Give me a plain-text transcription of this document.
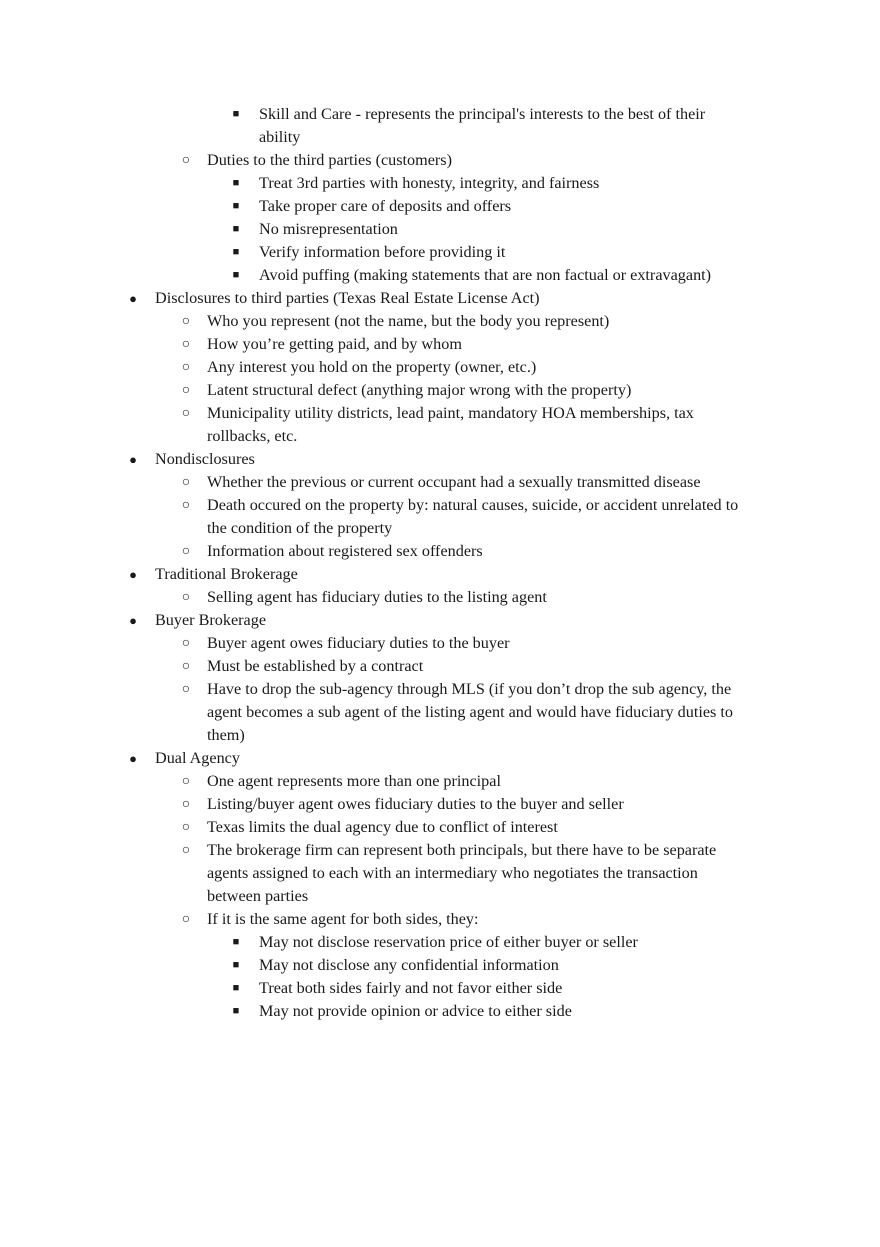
■ Skill and Care - represents the principal's interests to the best of their
ability
○ Duties to the third parties (customers)
■ Treat 3rd parties with honesty, integrity, and fairness
■ Take proper care of deposits and offers
■ No misrepresentation
■ Verify information before providing it
■ Avoid puffing (making statements that are non factual or extravagant)
● Disclosures to third parties (Texas Real Estate License Act)
○ Who you represent (not the name, but the body you represent)
○ How you’re getting paid, and by whom
○ Any interest you hold on the property (owner, etc.)
○ Latent structural defect (anything major wrong with the property)
○ Municipality utility districts, lead paint, mandatory HOA memberships, tax
rollbacks, etc.
● Nondisclosures
○ Whether the previous or current occupant had a sexually transmitted disease
○ Death occured on the property by: natural causes, suicide, or accident unrelated to
the condition of the property
○ Information about registered sex offenders
● Traditional Brokerage
○ Selling agent has fiduciary duties to the listing agent
● Buyer Brokerage
○ Buyer agent owes fiduciary duties to the buyer
○ Must be established by a contract
○ Have to drop the sub-agency through MLS (if you don’t drop the sub agency, the
agent becomes a sub agent of the listing agent and would have fiduciary duties to
them)
● Dual Agency
○ One agent represents more than one principal
○ Listing/buyer agent owes fiduciary duties to the buyer and seller
○ Texas limits the dual agency due to conflict of interest
○ The brokerage firm can represent both principals, but there have to be separate
agents assigned to each with an intermediary who negotiates the transaction
between parties
○ If it is the same agent for both sides, they:
■ May not disclose reservation price of either buyer or seller
■ May not disclose any confidential information
■ Treat both sides fairly and not favor either side
■ May not provide opinion or advice to either side
